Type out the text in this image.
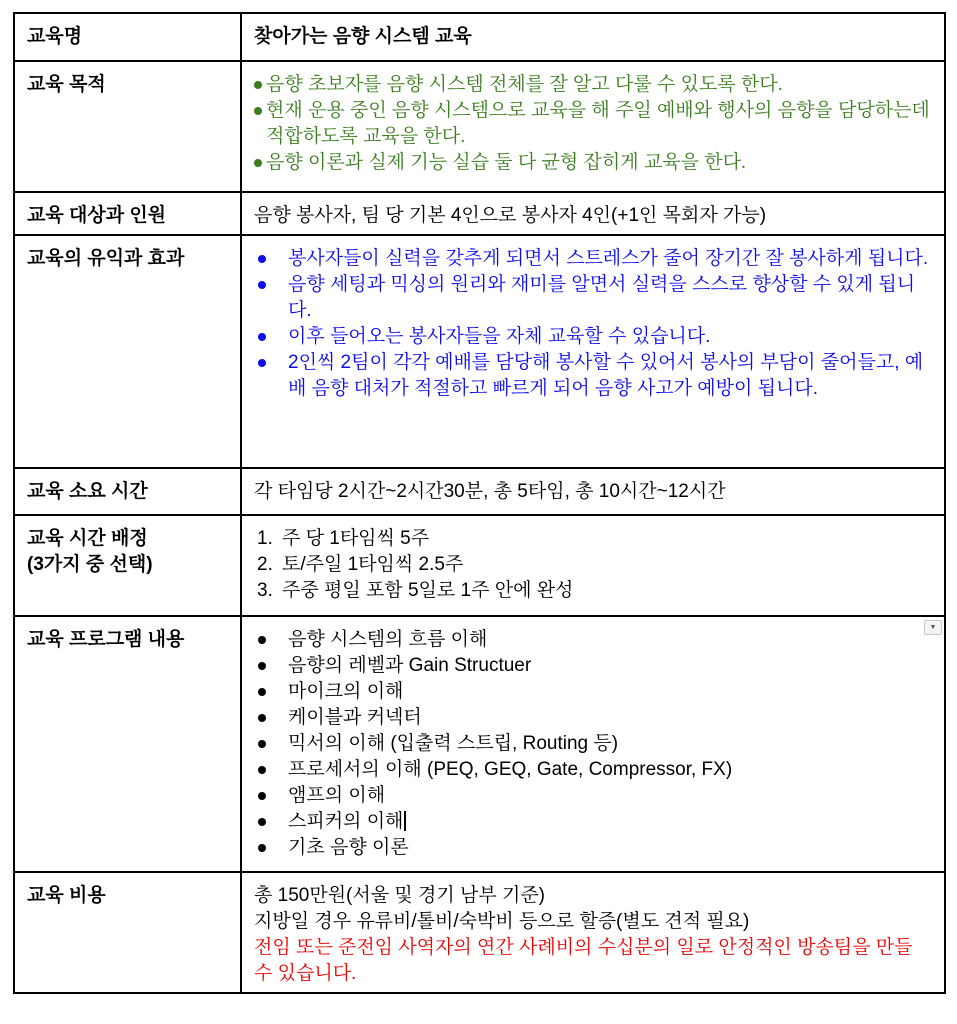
교육명	찾아가는 음향 시스템 교육
교육 목적	음향 초보자를 음향 시스템 전체를 잘 알고 다룰 수 있도록 한다.
현재 운용 중인 음향 시스템으로 교육을 해 주일 예배와 행사의 음향을 담당하는데 적합하도록 교육을 한다.
음향 이론과 실제 기능 실습 둘 다 균형 잡히게 교육을 한다.

교육 대상과 인원	음향 봉사자, 팀 당 기본 4인으로 봉사자 4인(+1인 목회자 가능)
교육의 유익과 효과	봉사자들이 실력을 갖추게 되면서 스트레스가 줄어 장기간 잘 봉사하게 됩니다.
음향 세팅과 믹싱의 원리와 재미를 알면서 실력을 스스로 향상할 수 있게 됩니다.
이후 들어오는 봉사자들을 자체 교육할 수 있습니다.
2인씩 2팀이 각각 예배를 담당해 봉사할 수 있어서 봉사의 부담이 줄어들고, 예배 음향 대처가 적절하고 빠르게 되어 음향 사고가 예방이 됩니다.

교육 소요 시간	각 타임당 2시간~2시간30분, 총 5타임, 총 10시간~12시간

교육 시간 배정
(3가지 중 선택)

주 당 1타임씩 5주
토/주일 1타임씩 2.5주
주중 평일 포함 5일로 1주 안에 완성

교육 프로그램 내용	
▼
음향 시스템의 흐름 이해
음향의 레벨과 Gain Structuer
마이크의 이해
케이블과 커넥터
믹서의 이해 (입출력 스트립, Routing 등)
프로세서의 이해 (PEQ, GEQ, Gate, Compressor, FX)
앰프의 이해
스피커의 이해
기초 음향 이론

교육 비용	총 150만원(서울 및 경기 남부 기준)
지방일 경우 유류비/톨비/숙박비 등으로 할증(별도 견적 필요)
전임 또는 준전임 사역자의 연간 사례비의 수십분의 일로 안정적인 방송팀을 만들 수 있습니다.
